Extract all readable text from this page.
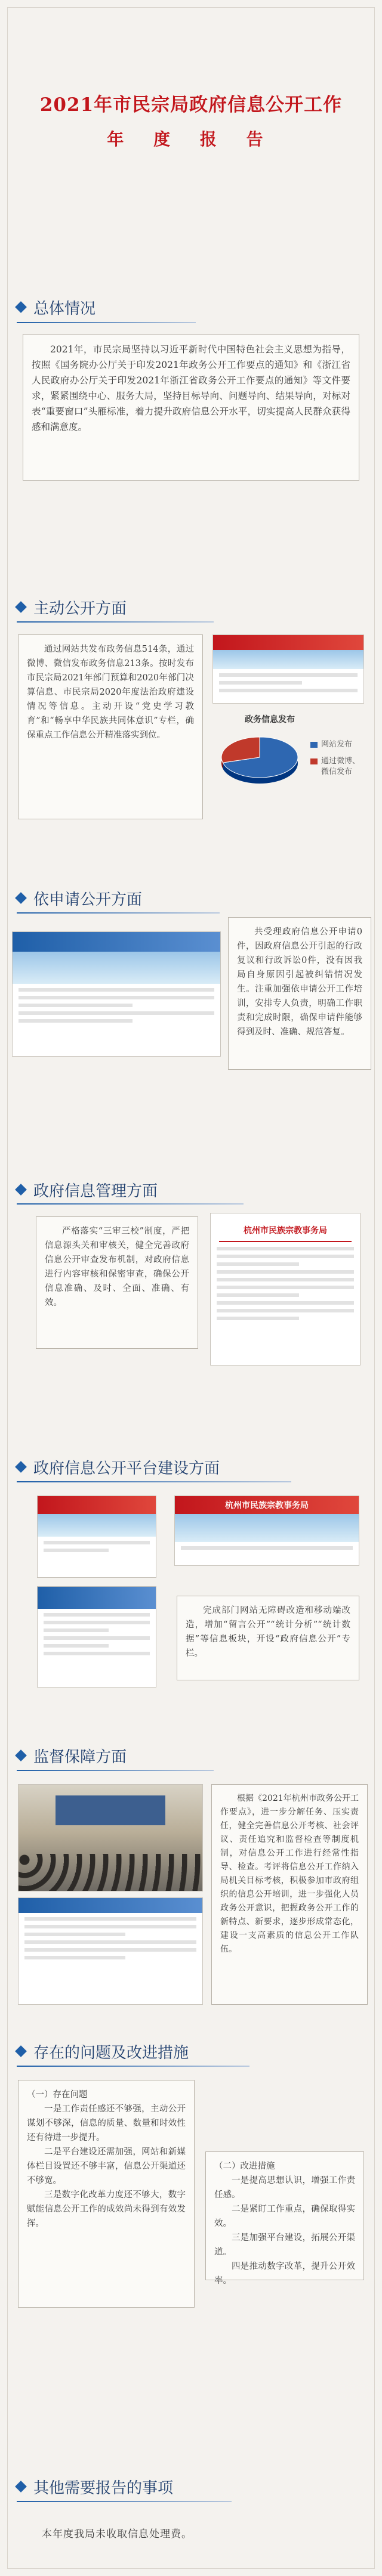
2021年市民宗局政府信息公开工作
年 度 报 告
总体情况

2021年，市民宗局坚持以习近平新时代中国特色社会主义思想为指导，按照《国务院办公厅关于印发2021年政务公开工作要点的通知》和《浙江省人民政府办公厅关于印发2021年浙江省政务公开工作要点的通知》等文件要求，紧紧围绕中心、服务大局，坚持目标导向、问题导向、结果导向，对标对表“重要窗口”头雁标准，着力提升政府信息公开水平，切实提高人民群众获得感和满意度。

主动公开方面

通过网站共发布政务信息514条，通过微博、微信发布政务信息213条。按时发布市民宗局2021年部门预算和2020年部门决算信息、市民宗局2020年度法治政府建设情况等信息。主动开设“党史学习教育”和“畅享中华民族共同体意识”专栏，确保重点工作信息公开精准落实到位。

政务信息发布
网站发布
通过微博、微信发布
依申请公开方面

共受理政府信息公开申请0件，因政府信息公开引起的行政复议和行政诉讼0件，没有因我局自身原因引起被纠错情况发生。注重加强依申请公开工作培训，安排专人负责，明确工作职责和完成时限，确保申请件能够得到及时、准确、规范答复。

政府信息管理方面

严格落实“三审三校”制度，严把信息源头关和审核关，健全完善政府信息公开审查发布机制，对政府信息进行内容审核和保密审查，确保公开信息准确、及时、全面、准确、有效。

杭州市民族宗教事务局
政府信息公开平台建设方面
杭州市民族宗教事务局

完成部门网站无障碍改造和移动端改造，增加“留言公开”“统计分析”“统计数据”等信息板块，开设“政府信息公开”专栏。

监督保障方面

根据《2021年杭州市政务公开工作要点》，进一步分解任务、压实责任，健全完善信息公开考核、社会评议、责任追究和监督检查等制度机制，对信息公开工作进行经常性指导、检查。考评将信息公开工作纳入局机关目标考核，积极参加市政府组织的信息公开培训，进一步强化人员政务公开意识，把握政务公开工作的新特点、新要求，逐步形成常态化，建设一支高素质的信息公开工作队伍。

存在的问题及改进措施

（一）存在问题

一是工作责任感还不够强，主动公开谋划不够深，信息的质量、数量和时效性还有待进一步提升。

二是平台建设还需加强，网站和新媒体栏目设置还不够丰富，信息公开渠道还不够宽。

三是数字化改革力度还不够大，数字赋能信息公开工作的成效尚未得到有效发挥。

（二）改进措施

一是提高思想认识，增强工作责任感。

二是紧盯工作重点，确保取得实效。

三是加强平台建设，拓展公开渠道。

四是推动数字改革，提升公开效率。

其他需要报告的事项
本年度我局未收取信息处理费。
